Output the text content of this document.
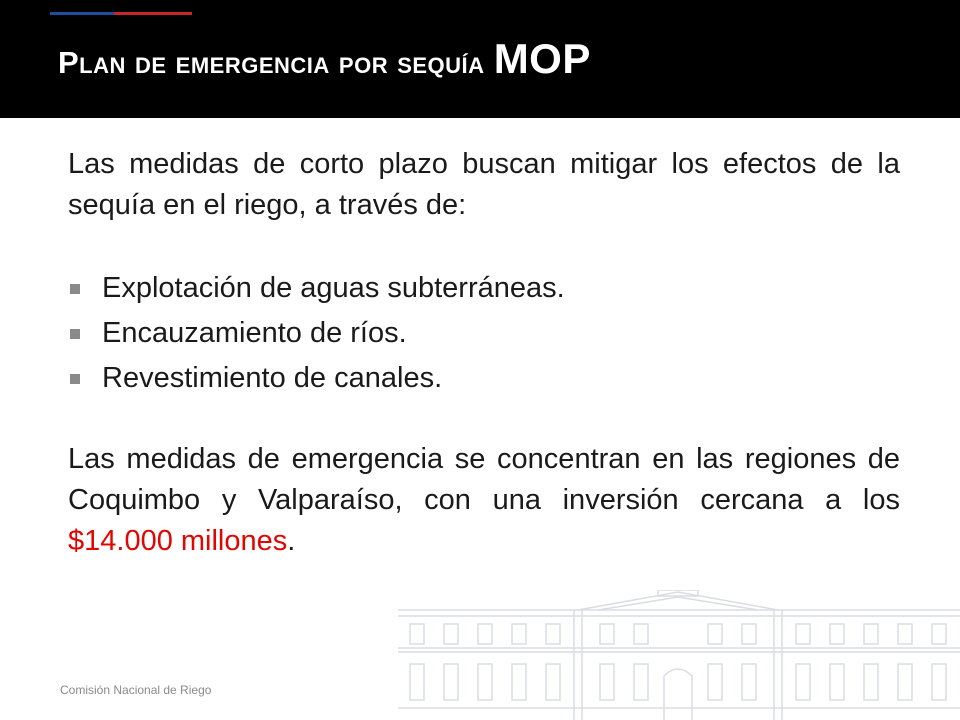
Plan de emergencia por sequía MOP

Las medidas de corto plazo buscan mitigar los efectos de la sequía en el riego, a través de:

Explotación de aguas subterráneas.
Encauzamiento de ríos.
Revestimiento de canales.

Las medidas de emergencia se concentran en las regiones de Coquimbo y Valparaíso, con una inversión cercana a los $14.000 millones.

Comisión Nacional de Riego
